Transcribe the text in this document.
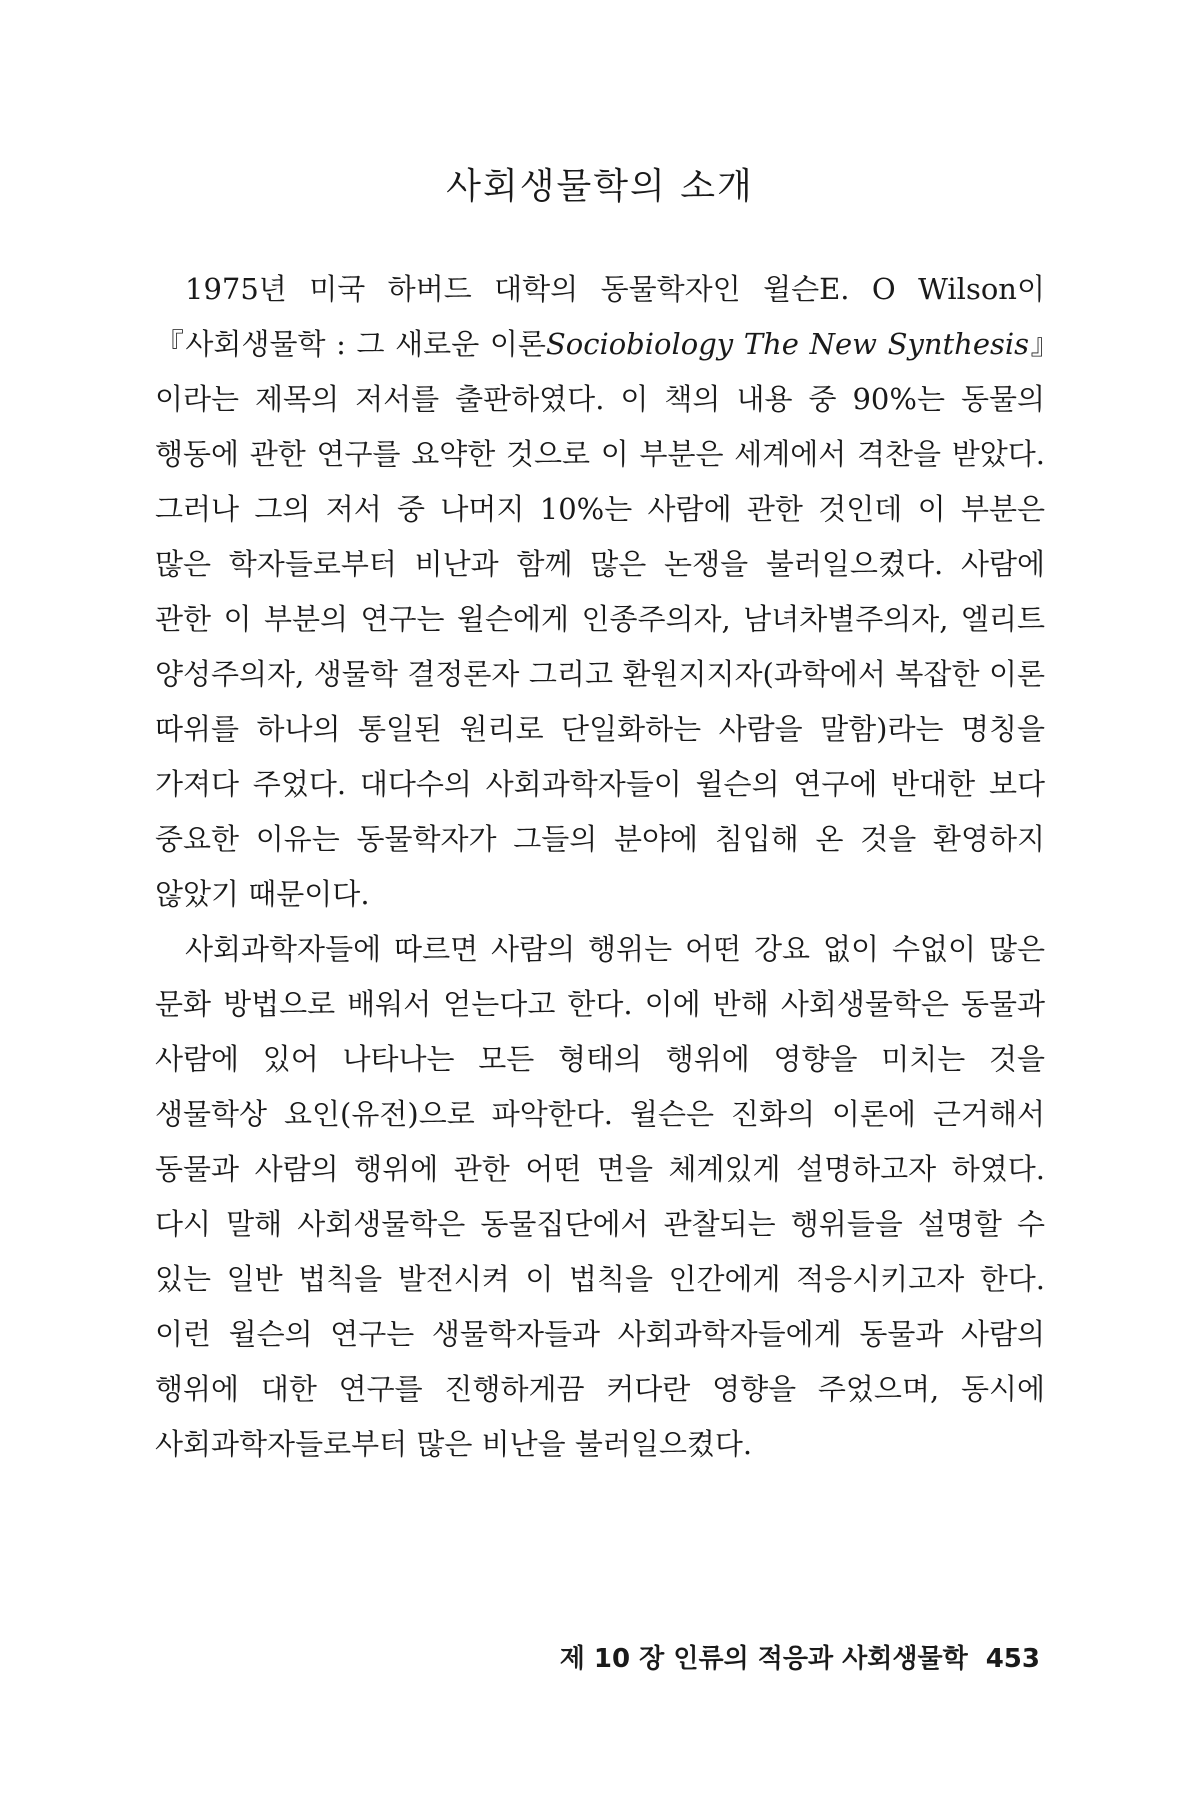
사회생물학의 소개

1975년 미국 하버드 대학의 동물학자인 윌슨E. O Wilson이 『사회생물학 : 그 새로운 이론Sociobiology The New Synthesis』이라는 제목의 저서를 출판하였다. 이 책의 내용 중 90%는 동물의 행동에 관한 연구를 요약한 것으로 이 부분은 세계에서 격찬을 받았다. 그러나 그의 저서 중 나머지 10%는 사람에 관한 것인데 이 부분은 많은 학자들로부터 비난과 함께 많은 논쟁을 불러일으켰다. 사람에 관한 이 부분의 연구는 윌슨에게 인종주의자, 남녀차별주의자, 엘리트 양성주의자, 생물학 결정론자 그리고 환원지지자(과학에서 복잡한 이론 따위를 하나의 통일된 원리로 단일화하는 사람을 말함)라는 명칭을 가져다 주었다. 대다수의 사회과학자들이 윌슨의 연구에 반대한 보다 중요한 이유는 동물학자가 그들의 분야에 침입해 온 것을 환영하지 않았기 때문이다.

사회과학자들에 따르면 사람의 행위는 어떤 강요 없이 수없이 많은 문화 방법으로 배워서 얻는다고 한다. 이에 반해 사회생물학은 동물과 사람에 있어 나타나는 모든 형태의 행위에 영향을 미치는 것을 생물학상 요인(유전)으로 파악한다. 윌슨은 진화의 이론에 근거해서 동물과 사람의 행위에 관한 어떤 면을 체계있게 설명하고자 하였다. 다시 말해 사회생물학은 동물집단에서 관찰되는 행위들을 설명할 수 있는 일반 법칙을 발전시켜 이 법칙을 인간에게 적응시키고자 한다. 이런 윌슨의 연구는 생물학자들과 사회과학자들에게 동물과 사람의 행위에 대한 연구를 진행하게끔 커다란 영향을 주었으며, 동시에 사회과학자들로부터 많은 비난을 불러일으켰다.

제 10 장 인류의 적응과 사회생물학 453
